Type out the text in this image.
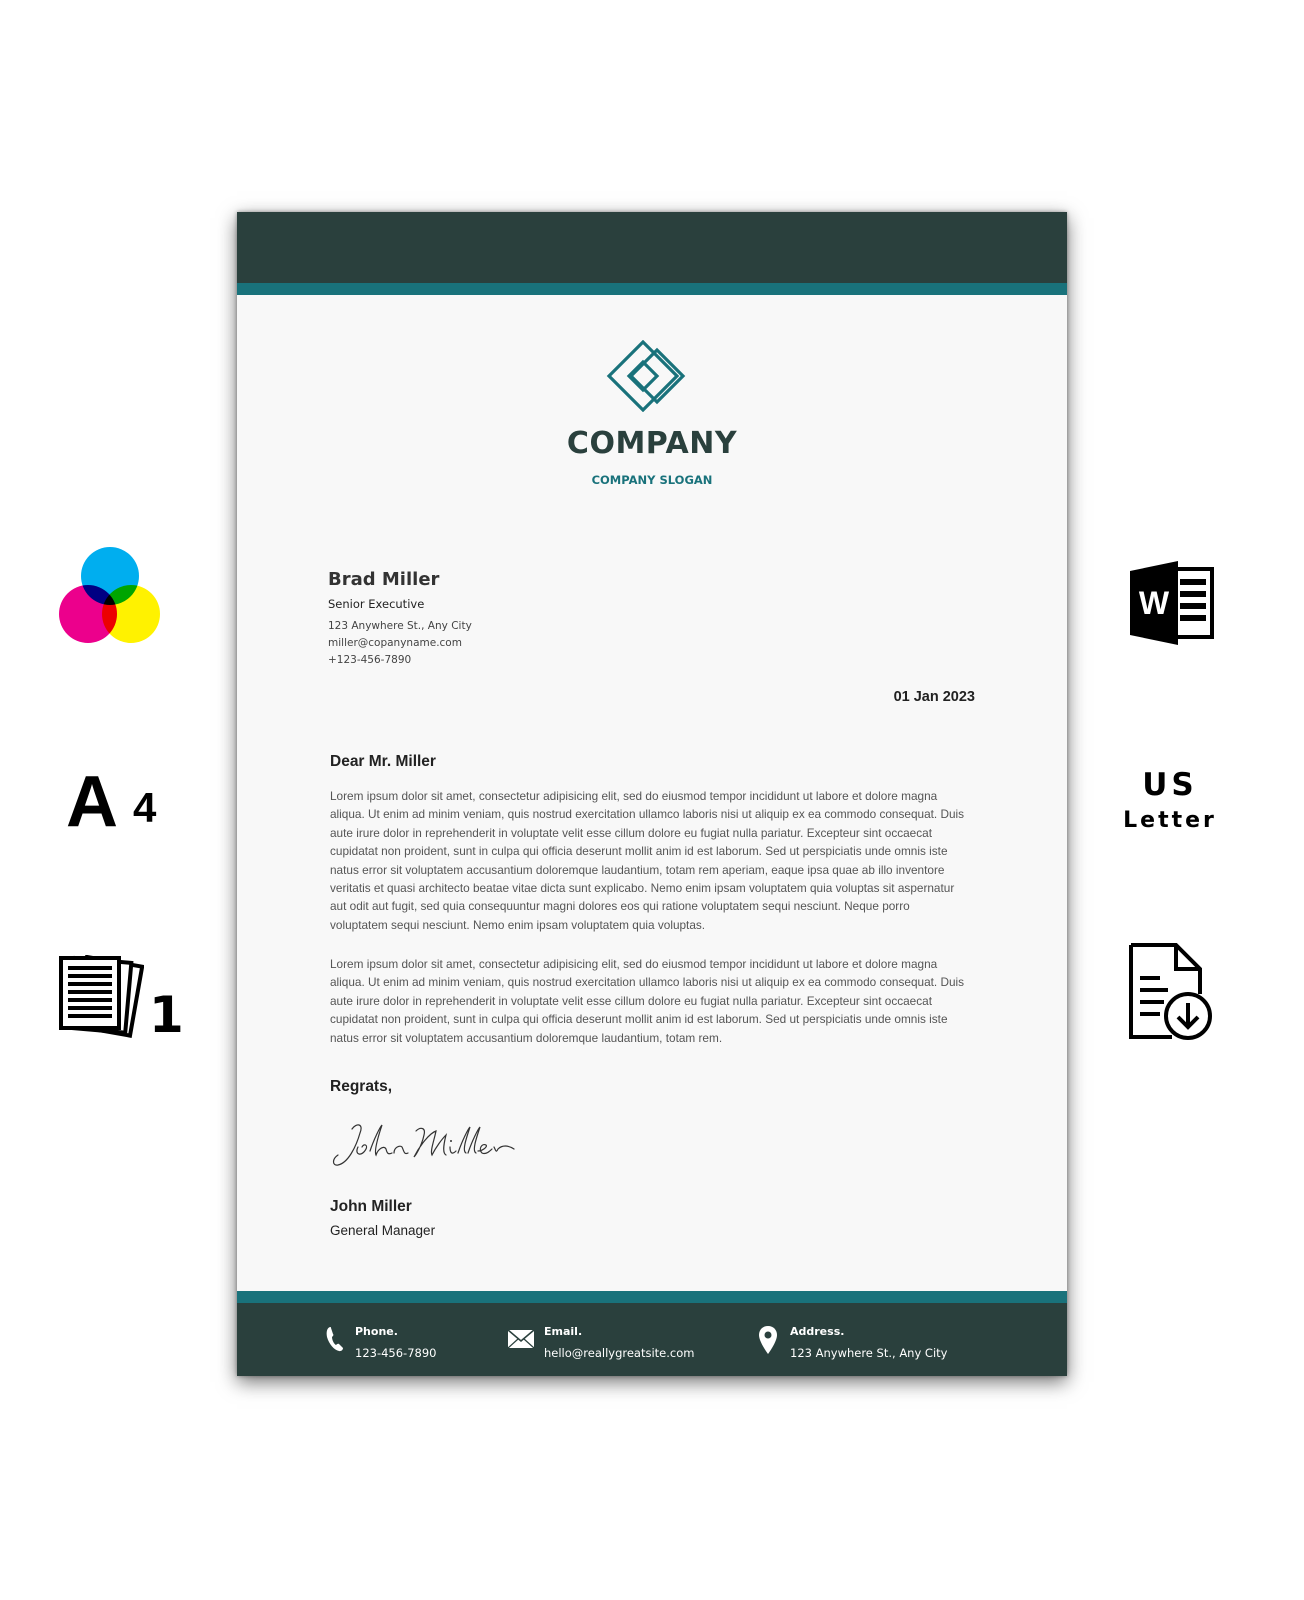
A 4
1
W
US
Letter
COMPANY
COMPANY SLOGAN
Brad Miller
Senior Executive
123 Anywhere St., Any City
miller@copanyname.com
+123-456-7890
01 Jan 2023
Dear Mr. Miller

Lorem ipsum dolor sit amet, consectetur adipisicing elit, sed do eiusmod tempor incididunt ut labore et dolore magna aliqua. Ut enim ad minim veniam, quis nostrud exercitation ullamco laboris nisi ut aliquip ex ea commodo consequat. Duis aute irure dolor in reprehenderit in voluptate velit esse cillum dolore eu fugiat nulla pariatur. Excepteur sint occaecat cupidatat non proident, sunt in culpa qui officia deserunt mollit anim id est laborum. Sed ut perspiciatis unde omnis iste natus error sit voluptatem accusantium doloremque laudantium, totam rem aperiam, eaque ipsa quae ab illo inventore veritatis et quasi architecto beatae vitae dicta sunt explicabo. Nemo enim ipsam voluptatem quia voluptas sit aspernatur aut odit aut fugit, sed quia consequuntur magni dolores eos qui ratione voluptatem sequi nesciunt. Neque porro voluptatem sequi nesciunt. Nemo enim ipsam voluptatem quia voluptas.

Lorem ipsum dolor sit amet, consectetur adipisicing elit, sed do eiusmod tempor incididunt ut labore et dolore magna aliqua. Ut enim ad minim veniam, quis nostrud exercitation ullamco laboris nisi ut aliquip ex ea commodo consequat. Duis aute irure dolor in reprehenderit in voluptate velit esse cillum dolore eu fugiat nulla pariatur. Excepteur sint occaecat cupidatat non proident, sunt in culpa qui officia deserunt mollit anim id est laborum. Sed ut perspiciatis unde omnis iste natus error sit voluptatem accusantium doloremque laudantium, totam rem.

Regrats,
John Miller
General Manager
Phone.
123-456-7890
Email.
hello@reallygreatsite.com
Address.
123 Anywhere St., Any City
